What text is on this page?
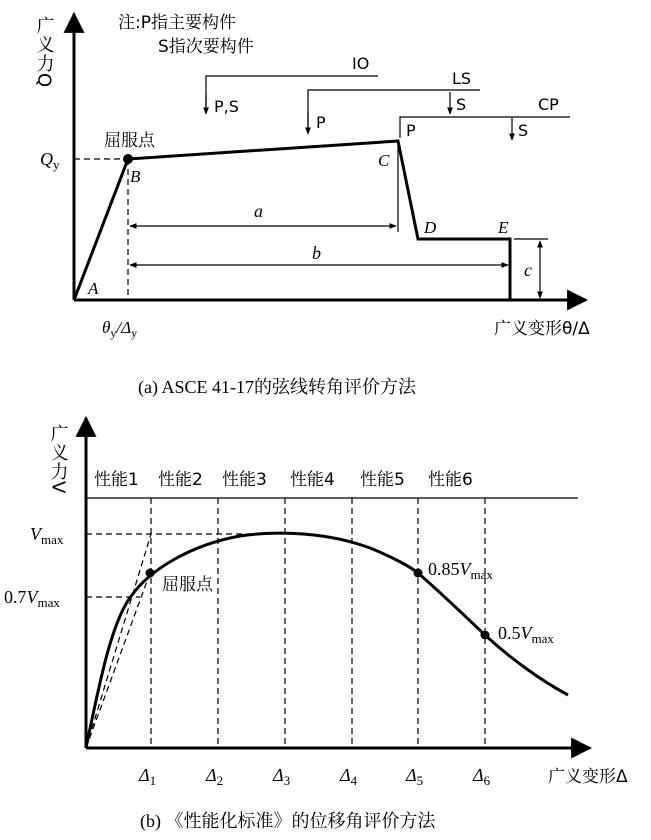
广义力Q	注:P指主要构件
S指次要构件
A
B
C
D	E
屈服点
$Q_y$
$\theta_y/\Delta_y$	广义变形θ/Δ
a
b
c
IO
P,S
P
LS
S	CP
P	S
(a) ASCE 41-17的弦线转角评价方法
广义力V 性能1 性能2 性能3 性能4 性能5 性能6
$V_{max}$
$0.7V_{max}$
屈服点
$0.85V_{max}$
$0.5V_{max}$
$\Delta_1$	$\Delta_2$	$\Delta_3$	$\Delta_4$	$\Delta_5$	$\Delta_6$	广义变形Δ
(b) 《性能化标准》的位移角评价方法
